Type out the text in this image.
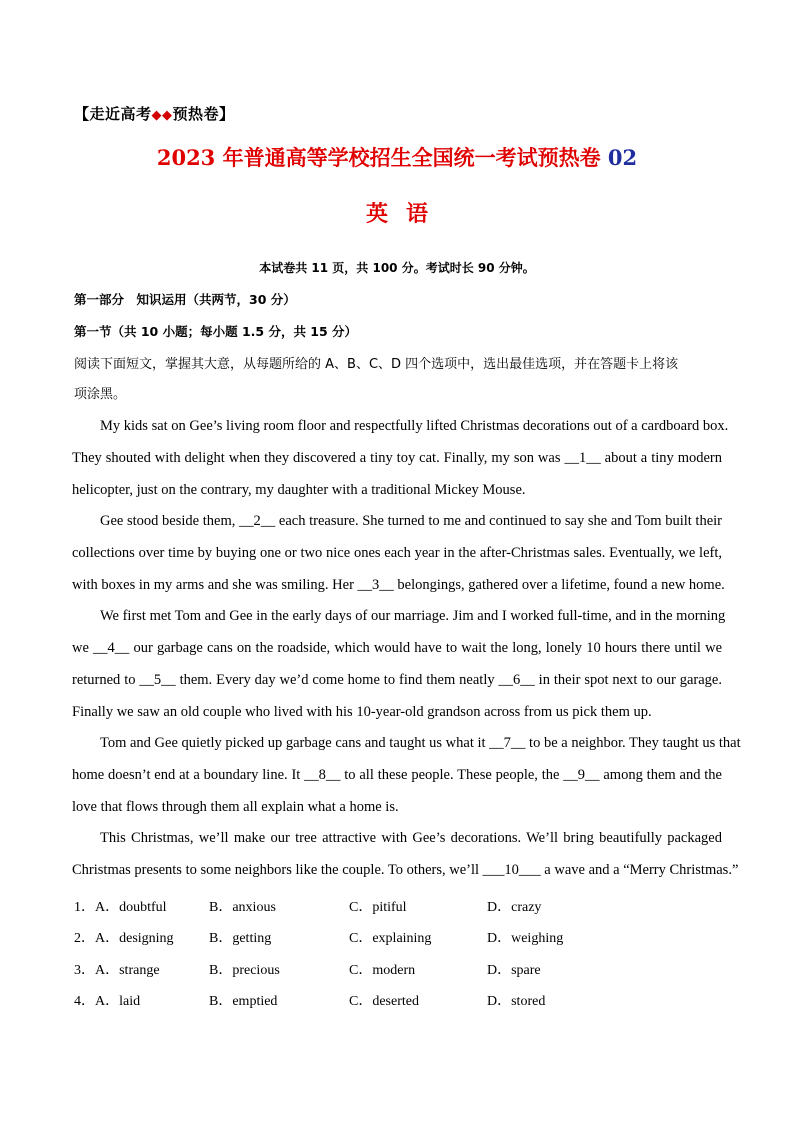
【走近高考◆◆预热卷】
2023 年普通高等学校招生全国统一考试预热卷 02
英语
本试卷共 11 页，共 100 分。考试时长 90 分钟。
第一部分　知识运用（共两节，30 分）
第一节（共 10 小题；每小题 1.5 分，共 15 分）
阅读下面短文，掌握其大意，从每题所给的 A、B、C、D 四个选项中，选出最佳选项，并在答题卡上将该
项涂黑。
My kids sat on Gee’s living room floor and respectfully lifted Christmas decorations out of a cardboard box.
They shouted with delight when they discovered a tiny toy cat. Finally, my son was __1__ about a tiny modern
helicopter, just on the contrary, my daughter with a traditional Mickey Mouse.
Gee stood beside them, __2__ each treasure. She turned to me and continued to say she and Tom built their
collections over time by buying one or two nice ones each year in the after-Christmas sales. Eventually, we left,
with boxes in my arms and she was smiling. Her __3__ belongings, gathered over a lifetime, found a new home.
We first met Tom and Gee in the early days of our marriage. Jim and I worked full-time, and in the morning
we __4__ our garbage cans on the roadside, which would have to wait the long, lonely 10 hours there until we
returned to __5__ them. Every day we’d come home to find them neatly __6__ in their spot next to our garage.
Finally we saw an old couple who lived with his 10-year-old grandson across from us pick them up.
Tom and Gee quietly picked up garbage cans and taught us what it __7__ to be a neighbor. They taught us that
home doesn’t end at a boundary line. It __8__ to all these people. These people, the __9__ among them and the
love that flows through them all explain what a home is.
This Christmas, we’ll make our tree attractive with Gee’s decorations. We’ll bring beautifully packaged
Christmas presents to some neighbors like the couple. To others, we’ll ___10___ a wave and a “Merry Christmas.”
1．A．doubtful	B．anxious	C．pitiful	D．crazy
2．A．designing	B．getting	C．explaining	D．weighing
3．A．strange	B．precious	C．modern	D．spare
4．A．laid	B．emptied	C．deserted	D．stored
